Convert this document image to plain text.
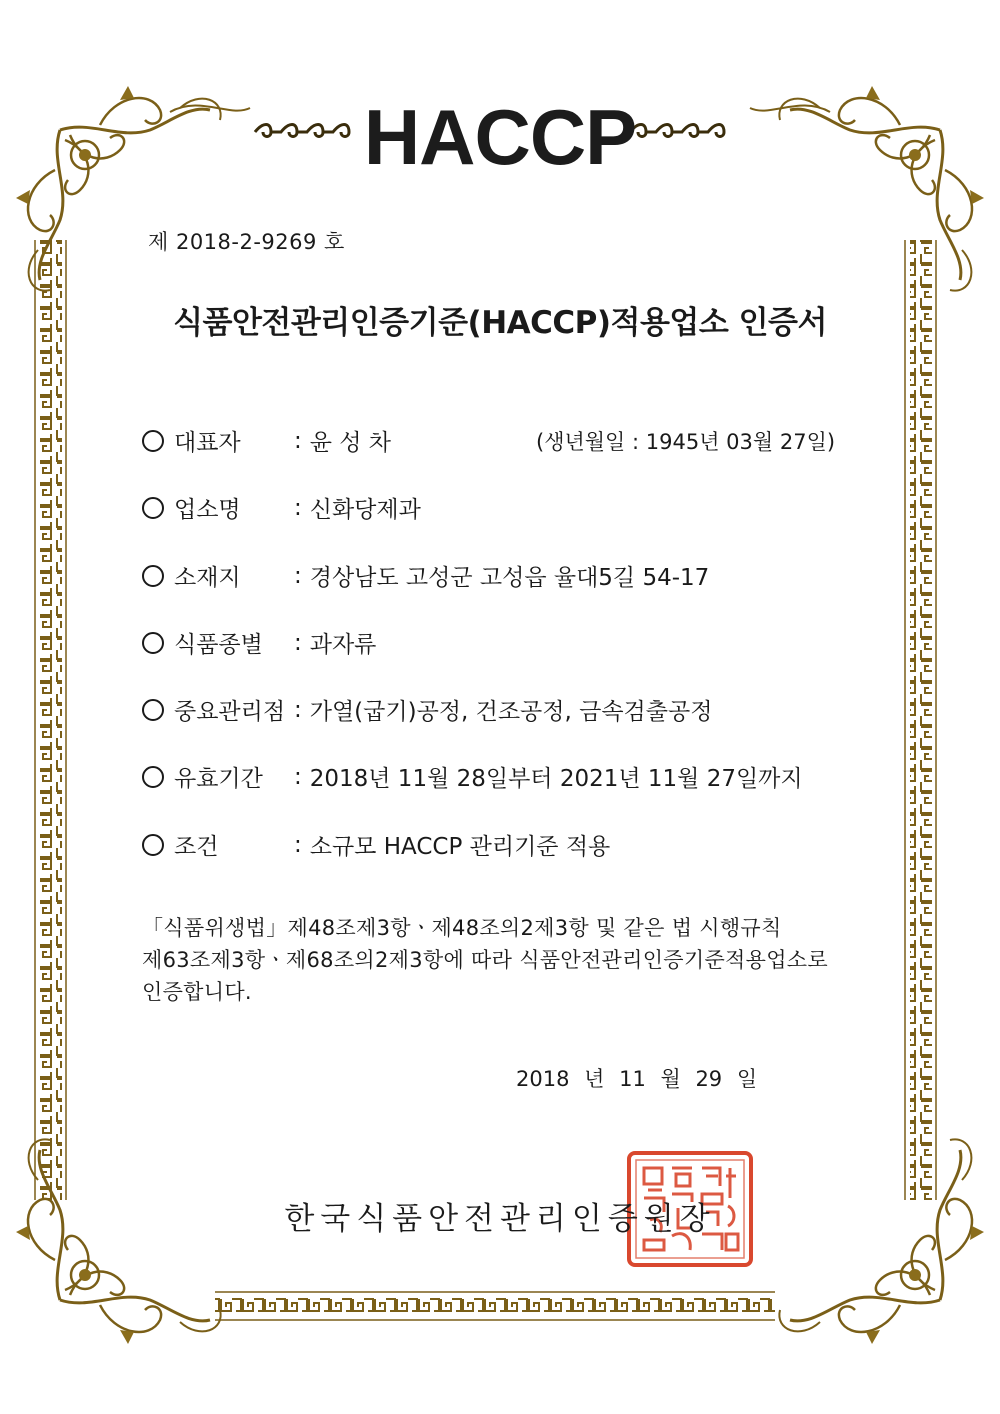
HACCP
제 2018-2-9269 호
식품안전관리인증기준(HACCP)적용업소 인증서
대표자	: 윤 성 차	(생년월일 : 1945년 03월 27일)
업소명	: 신화당제과
소재지	: 경상남도 고성군 고성읍 율대5길 54-17
식품종별	: 과자류
중요관리점 : 가열(굽기)공정, 건조공정, 금속검출공정
유효기간	: 2018년 11월 28일부터 2021년 11월 27일까지
조건	: 소규모 HACCP 관리기준 적용
「식품위생법」제48조제3항ㆍ제48조의2제3항 및 같은 법 시행규칙
제63조제3항ㆍ제68조의2제3항에 따라 식품안전관리인증기준적용업소로
인증합니다.
2018 년 11 월 29 일
한국식품안전관리인증원장
